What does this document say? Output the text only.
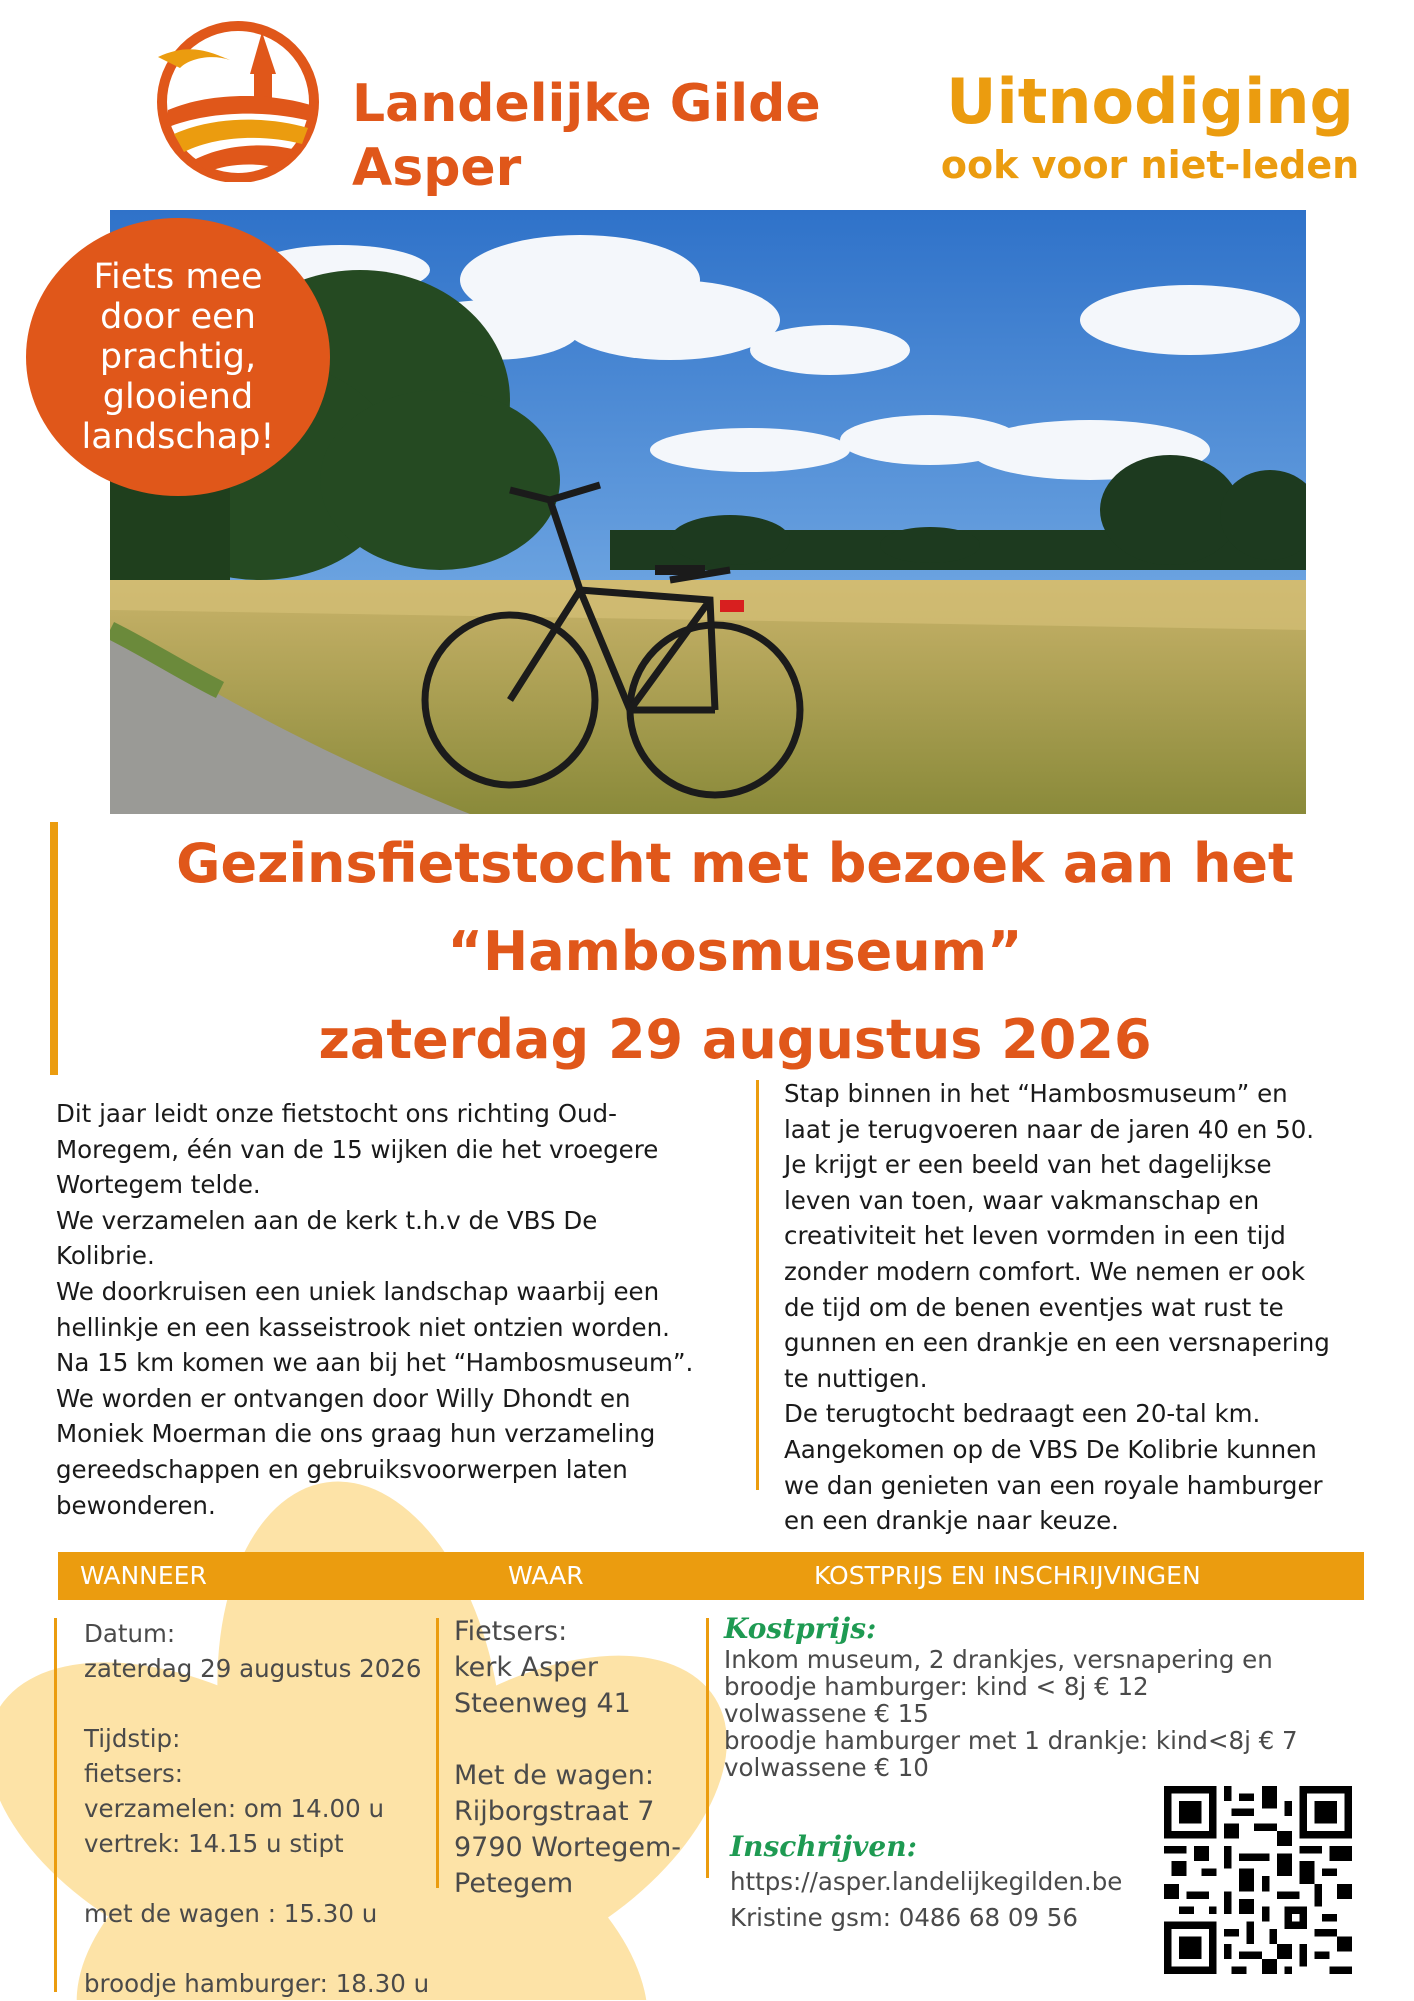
Landelijke Gilde
Asper
Uitnodiging
ook voor niet-leden
Fiets mee door een prachtig, glooiend landschap!
Gezinsfietstocht met bezoek aan het
“Hambosmuseum”
zaterdag 29 augustus 2026

Dit jaar leidt onze fietstocht ons richting Oud-
Moregem, één van de 15 wijken die het vroegere
Wortegem telde.
We verzamelen aan de kerk t.h.v de VBS De
Kolibrie.
We doorkruisen een uniek landschap waarbij een
hellinkje en een kasseistrook niet ontzien worden.
Na 15 km komen we aan bij het “Hambosmuseum”.
We worden er ontvangen door Willy Dhondt en
Moniek Moerman die ons graag hun verzameling
gereedschappen en gebruiksvoorwerpen laten
bewonderen.

Stap binnen in het “Hambosmuseum” en
laat je terugvoeren naar de jaren 40 en 50.
Je krijgt er een beeld van het dagelijkse
leven van toen, waar vakmanschap en
creativiteit het leven vormden in een tijd
zonder modern comfort. We nemen er ook
de tijd om de benen eventjes wat rust te
gunnen en een drankje en een versnapering
te nuttigen.
De terugtocht bedraagt een 20-tal km.
Aangekomen op de VBS De Kolibrie kunnen
we dan genieten van een royale hamburger
en een drankje naar keuze.

WANNEER	WAAR	KOSTPRIJS EN INSCHRIJVINGEN

Datum:
zaterdag 29 augustus 2026

Tijdstip:
fietsers:
verzamelen: om 14.00 u
vertrek: 14.15 u stipt

met de wagen : 15.30 u

broodje hamburger: 18.30 u

Fietsers:
kerk Asper
Steenweg 41

Met de wagen:
Rijborgstraat 7
9790 Wortegem-
Petegem

Kostprijs:

Inkom museum, 2 drankjes, versnapering en
broodje hamburger: kind < 8j € 12
volwassene € 15
broodje hamburger met 1 drankje: kind<8j € 7
volwassene € 10

Inschrijven:

https://asper.landelijkegilden.be
Kristine gsm: 0486 68 09 56
